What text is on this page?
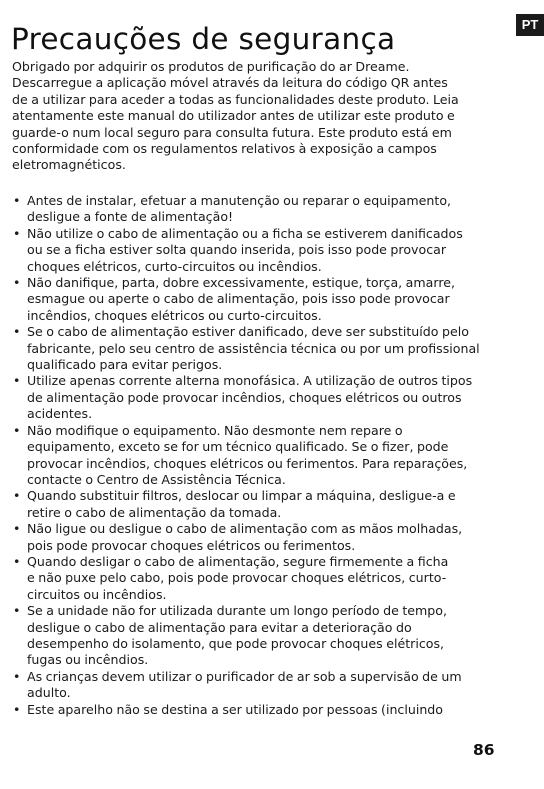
Precauções de segurança	PT

Obrigado por adquirir os produtos de purificação do ar Dreame.
Descarregue a aplicação móvel através da leitura do código QR antes
de a utilizar para aceder a todas as funcionalidades deste produto. Leia
atentamente este manual do utilizador antes de utilizar este produto e
guarde-o num local seguro para consulta futura. Este produto está em
conformidade com os regulamentos relativos à exposição a campos
eletromagnéticos.

• Antes de instalar, efetuar a manutenção ou reparar o equipamento,
desligue a fonte de alimentação!
• Não utilize o cabo de alimentação ou a ficha se estiverem danificados
ou se a ficha estiver solta quando inserida, pois isso pode provocar
choques elétricos, curto-circuitos ou incêndios.
• Não danifique, parta, dobre excessivamente, estique, torça, amarre,
esmague ou aperte o cabo de alimentação, pois isso pode provocar
incêndios, choques elétricos ou curto-circuitos.
• Se o cabo de alimentação estiver danificado, deve ser substituído pelo
fabricante, pelo seu centro de assistência técnica ou por um profissional
qualificado para evitar perigos.
• Utilize apenas corrente alterna monofásica. A utilização de outros tipos
de alimentação pode provocar incêndios, choques elétricos ou outros
acidentes.
• Não modifique o equipamento. Não desmonte nem repare o
equipamento, exceto se for um técnico qualificado. Se o fizer, pode
provocar incêndios, choques elétricos ou ferimentos. Para reparações,
contacte o Centro de Assistência Técnica.
• Quando substituir filtros, deslocar ou limpar a máquina, desligue-a e
retire o cabo de alimentação da tomada.
• Não ligue ou desligue o cabo de alimentação com as mãos molhadas,
pois pode provocar choques elétricos ou ferimentos.
• Quando desligar o cabo de alimentação, segure firmemente a ficha
e não puxe pelo cabo, pois pode provocar choques elétricos, curto-
circuitos ou incêndios.
• Se a unidade não for utilizada durante um longo período de tempo,
desligue o cabo de alimentação para evitar a deterioração do
desempenho do isolamento, que pode provocar choques elétricos,
fugas ou incêndios.
• As crianças devem utilizar o purificador de ar sob a supervisão de um
adulto.
• Este aparelho não se destina a ser utilizado por pessoas (incluindo
86
